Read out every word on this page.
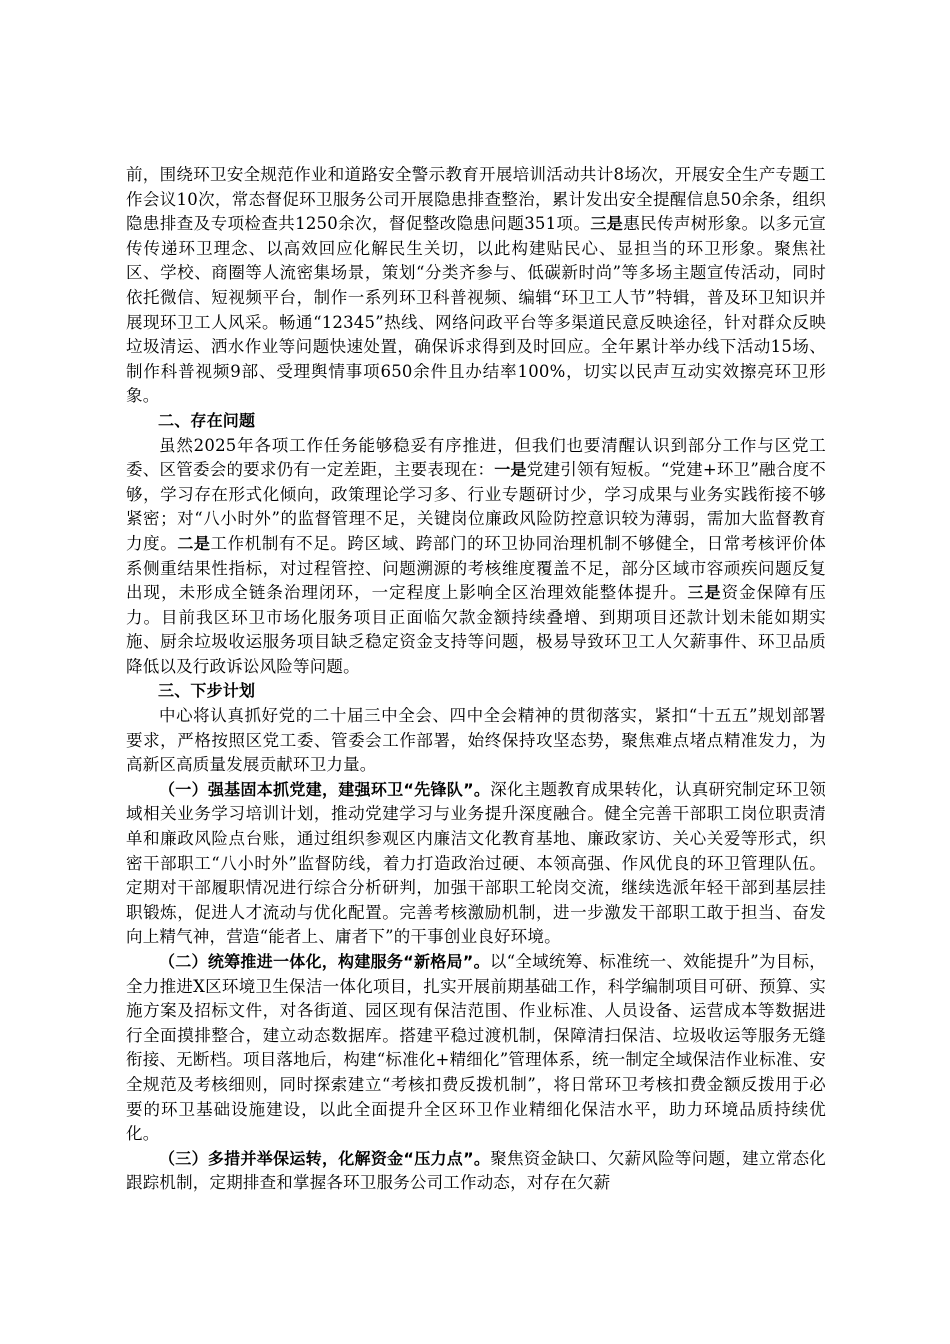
前，围绕环卫安全规范作业和道路安全警示教育开展培训活动共计8场次，开展安全生产专题工作会议10次，常态督促环卫服务公司开展隐患排查整治，累计发出安全提醒信息50余条，组织隐患排查及专项检查共1250余次，督促整改隐患问题351项。三是惠民传声树形象。以多元宣传传递环卫理念、以高效回应化解民生关切，以此构建贴民心、显担当的环卫形象。聚焦社区、学校、商圈等人流密集场景，策划“分类齐参与、低碳新时尚”等多场主题宣传活动，同时依托微信、短视频平台，制作一系列环卫科普视频、编辑“环卫工人节”特辑，普及环卫知识并展现环卫工人风采。畅通“12345”热线、网络问政平台等多渠道民意反映途径，针对群众反映垃圾清运、洒水作业等问题快速处置，确保诉求得到及时回应。全年累计举办线下活动15场、制作科普视频9部、受理舆情事项650余件且办结率100%，切实以民声互动实效擦亮环卫形象。

二、存在问题

虽然2025年各项工作任务能够稳妥有序推进，但我们也要清醒认识到部分工作与区党工委、区管委会的要求仍有一定差距，主要表现在：一是党建引领有短板。“党建+环卫”融合度不够，学习存在形式化倾向，政策理论学习多、行业专题研讨少，学习成果与业务实践衔接不够紧密；对“八小时外”的监督管理不足，关键岗位廉政风险防控意识较为薄弱，需加大监督教育力度。二是工作机制有不足。跨区域、跨部门的环卫协同治理机制不够健全，日常考核评价体系侧重结果性指标，对过程管控、问题溯源的考核维度覆盖不足，部分区域市容顽疾问题反复出现，未形成全链条治理闭环，一定程度上影响全区治理效能整体提升。三是资金保障有压力。目前我区环卫市场化服务项目正面临欠款金额持续叠增、到期项目还款计划未能如期实施、厨余垃圾收运服务项目缺乏稳定资金支持等问题，极易导致环卫工人欠薪事件、环卫品质降低以及行政诉讼风险等问题。

三、下步计划

中心将认真抓好党的二十届三中全会、四中全会精神的贯彻落实，紧扣“十五五”规划部署要求，严格按照区党工委、管委会工作部署，始终保持攻坚态势，聚焦难点堵点精准发力，为高新区高质量发展贡献环卫力量。

（一）强基固本抓党建，建强环卫“先锋队”。深化主题教育成果转化，认真研究制定环卫领域相关业务学习培训计划，推动党建学习与业务提升深度融合。健全完善干部职工岗位职责清单和廉政风险点台账，通过组织参观区内廉洁文化教育基地、廉政家访、关心关爱等形式，织密干部职工“八小时外”监督防线，着力打造政治过硬、本领高强、作风优良的环卫管理队伍。定期对干部履职情况进行综合分析研判，加强干部职工轮岗交流，继续选派年轻干部到基层挂职锻炼，促进人才流动与优化配置。完善考核激励机制，进一步激发干部职工敢于担当、奋发向上精气神，营造“能者上、庸者下”的干事创业良好环境。

（二）统筹推进一体化，构建服务“新格局”。以“全域统筹、标准统一、效能提升”为目标，全力推进X区环境卫生保洁一体化项目，扎实开展前期基础工作，科学编制项目可研、预算、实施方案及招标文件，对各街道、园区现有保洁范围、作业标准、人员设备、运营成本等数据进行全面摸排整合，建立动态数据库。搭建平稳过渡机制，保障清扫保洁、垃圾收运等服务无缝衔接、无断档。项目落地后，构建“标准化+精细化”管理体系，统一制定全域保洁作业标准、安全规范及考核细则，同时探索建立“考核扣费反拨机制”，将日常环卫考核扣费金额反拨用于必要的环卫基础设施建设，以此全面提升全区环卫作业精细化保洁水平，助力环境品质持续优化。

（三）多措并举保运转，化解资金“压力点”。聚焦资金缺口、欠薪风险等问题，建立常态化跟踪机制，定期排查和掌握各环卫服务公司工作动态，对存在欠薪
